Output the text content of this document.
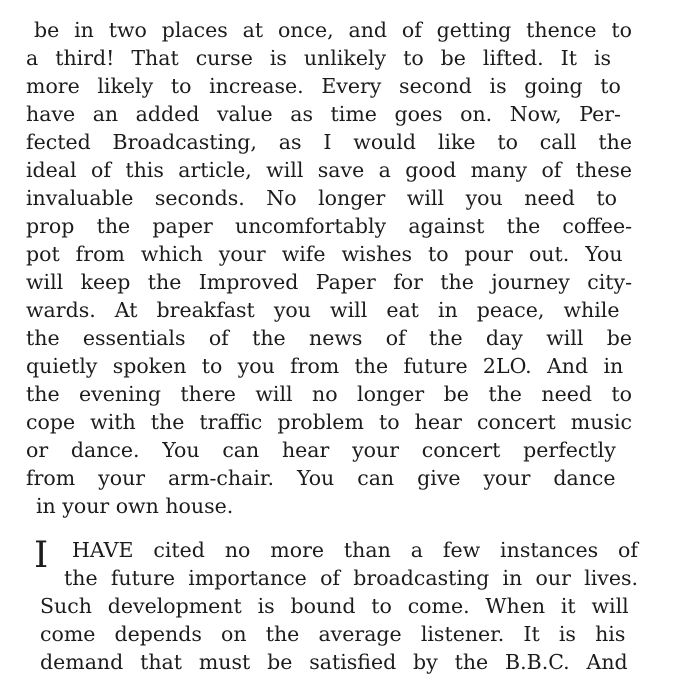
be in two places at once, and of getting thence to
a third! That curse is unlikely to be lifted. It is
more likely to increase. Every second is going to
have an added value as time goes on. Now, Per-
fected Broadcasting, as I would like to call the
ideal of this article, will save a good many of these
invaluable seconds. No longer will you need to
prop the paper uncomfortably against the coffee-
pot from which your wife wishes to pour out. You
will keep the Improved Paper for the journey city-
wards. At breakfast you will eat in peace, while
the essentials of the news of the day will be
quietly spoken to you from the future 2LO. And in
the evening there will no longer be the need to
cope with the traffic problem to hear concert music
or dance. You can hear your concert perfectly
from your arm-chair. You can give your dance
in your own house.
I	HAVE cited no more than a few instances of
the future importance of broadcasting in our lives.
Such development is bound to come. When it will
come depends on the average listener. It is his
demand that must be satisfied by the B.B.C. And
